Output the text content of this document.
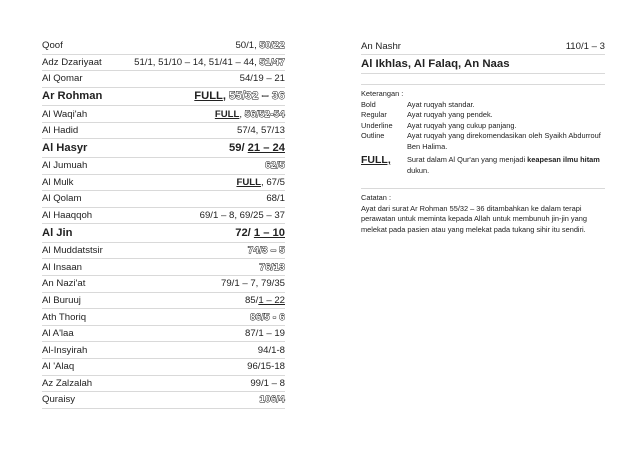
Qoof	50/1, 50/22
Adz Dzariyaat	51/1, 51/10 – 14, 51/41 – 44, 51/47
Al Qomar	54/19 – 21
Ar Rohman	FULL, 55/32 – 36
Al Waqi'ah	FULL, 56/52-54
Al Hadid	57/4, 57/13
Al Hasyr	59/ 21 – 24
Al Jumuah	62/5
Al Mulk	FULL, 67/5
Al Qolam	68/1
Al Haaqqoh	69/1 – 8, 69/25 – 37
Al Jin	72/ 1 – 10
Al Muddatstsir	74/3 – 5
Al Insaan	76/13
An Nazi'at	79/1 – 7, 79/35
Al Buruuj	85/1 – 22
Ath Thoriq	86/5 - 6
Al A'laa	87/1 – 19
Al-Insyirah	94/1-8
Al 'Alaq	96/15-18
Az Zalzalah	99/1 – 8
Quraisy	106/4
An Nashr	110/1 – 3
Al Ikhlas, Al Falaq, An Naas
Keterangan :
Bold	Ayat ruqyah standar.
Regular	Ayat ruqyah yang pendek.
Underline	Ayat ruqyah yang cukup panjang.
Outline	Ayat ruqyah yang direkomendasikan oleh Syaikh Abdurrouf Ben Halima.
FULL,	Surat dalam Al Qur'an yang menjadi keapesan ilmu hitam dukun.
Catatan :
Ayat dari surat Ar Rohman 55/32 – 36 ditambahkan ke dalam terapi perawatan untuk meminta kepada Allah untuk membunuh jin-jin yang melekat pada pasien atau yang melekat pada tukang sihir itu sendiri.
